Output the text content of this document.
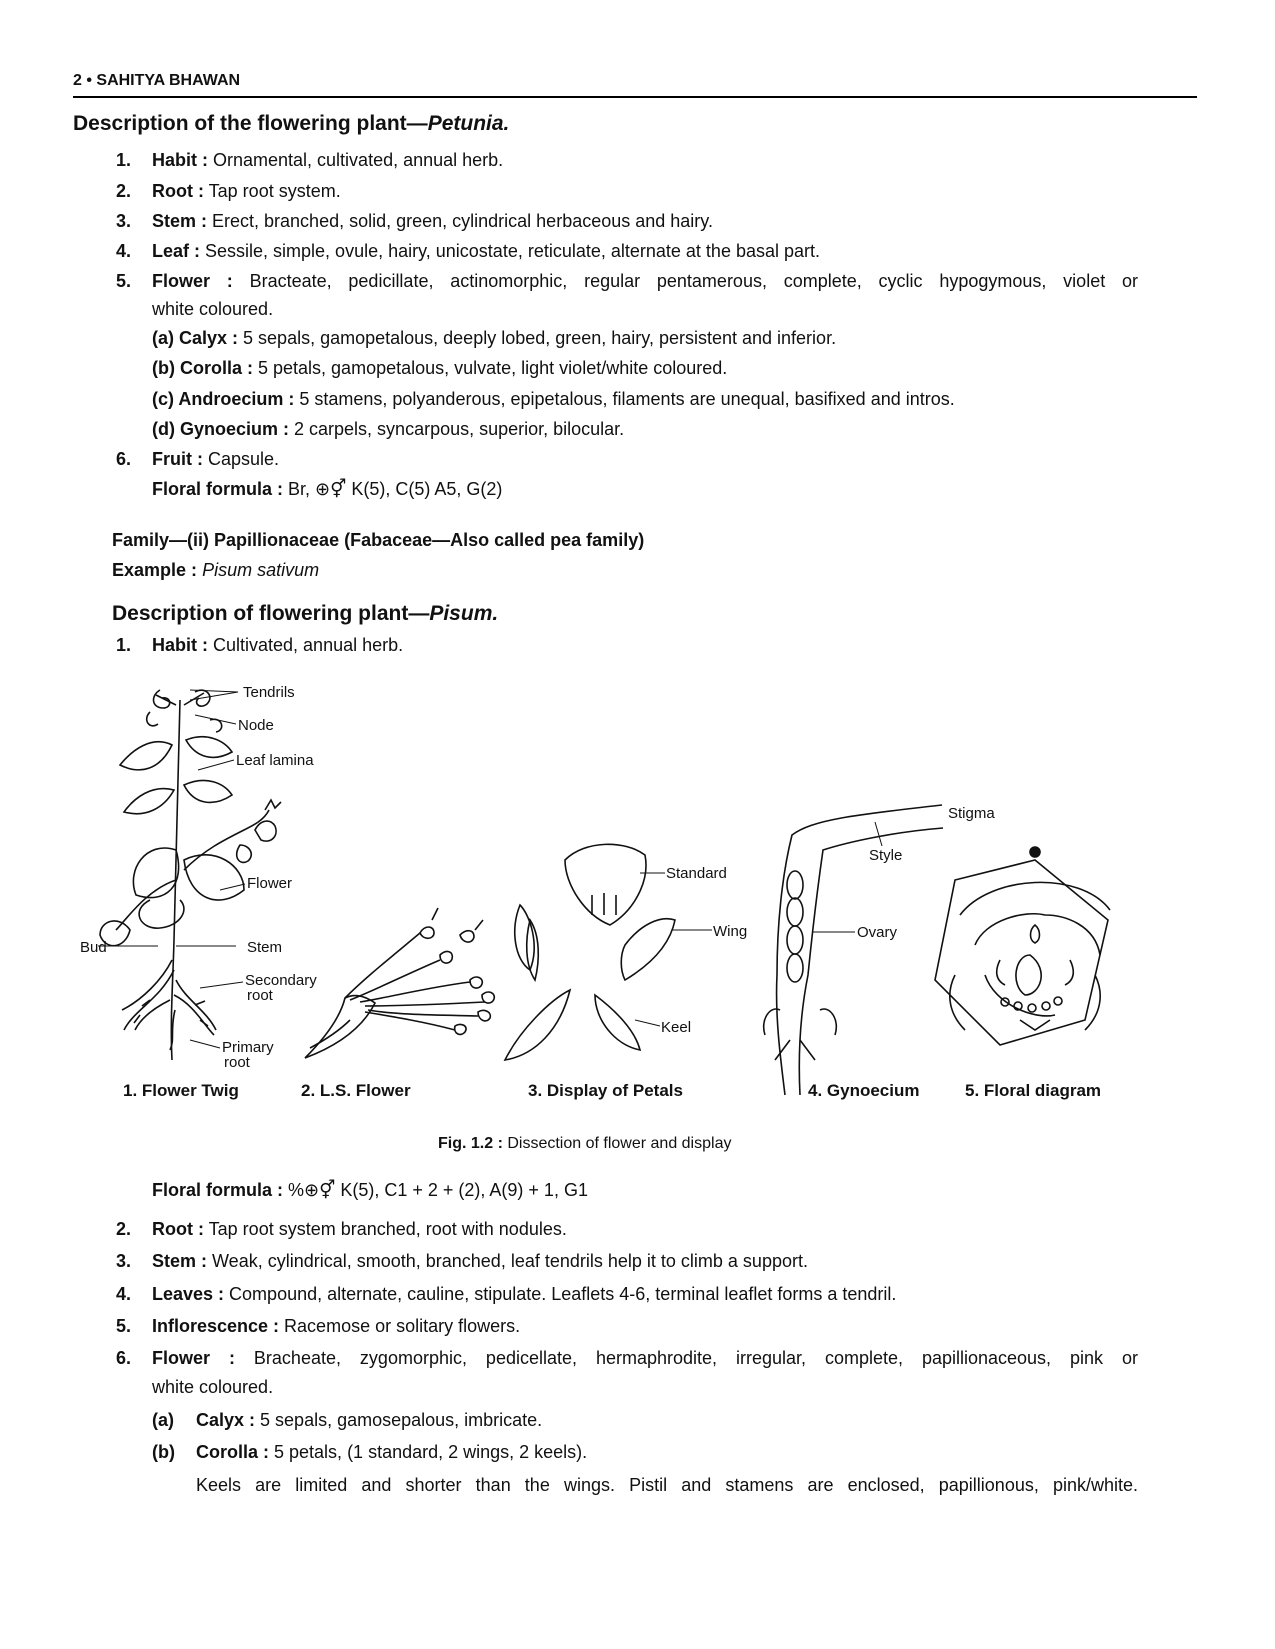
2 • SAHITYA BHAWAN
Description of the flowering plant—Petunia.
1. Habit : Ornamental, cultivated, annual herb.
2. Root : Tap root system.
3. Stem : Erect, branched, solid, green, cylindrical herbaceous and hairy.
4. Leaf : Sessile, simple, ovule, hairy, unicostate, reticulate, alternate at the basal part.
5. Flower : Bracteate, pedicillate, actinomorphic, regular pentamerous, complete, cyclic hypogymous, violet or
white coloured.
(a) Calyx : 5 sepals, gamopetalous, deeply lobed, green, hairy, persistent and inferior.
(b) Corolla : 5 petals, gamopetalous, vulvate, light violet/white coloured.
(c) Androecium : 5 stamens, polyanderous, epipetalous, filaments are unequal, basifixed and intros.
(d) Gynoecium : 2 carpels, syncarpous, superior, bilocular.
6. Fruit : Capsule.
Floral formula : Br, ⊕⚥ K(5), C(5) A5, G(2)
Family—(ii) Papillionaceae (Fabaceae—Also called pea family)
Example : Pisum sativum
Description of flowering plant—Pisum.
1. Habit : Cultivated, annual herb.
Tendrils
Node
Leaf lamina
Flower
Bud	Stem
Secondary
root
Primary
root
Standard
Wing
Keel
Stigma
Style
Ovary
1. Flower Twig	2. L.S. Flower	3. Display of Petals	4. Gynoecium	5. Floral diagram
Fig. 1.2 : Dissection of flower and display
Floral formula : %⊕⚥ K(5), C1 + 2 + (2), A(9) + 1, G1
2. Root : Tap root system branched, root with nodules.
3. Stem : Weak, cylindrical, smooth, branched, leaf tendrils help it to climb a support.
4. Leaves : Compound, alternate, cauline, stipulate. Leaflets 4-6, terminal leaflet forms a tendril.
5. Inflorescence : Racemose or solitary flowers.
6. Flower : Bracheate, zygomorphic, pedicellate, hermaphrodite, irregular, complete, papillionaceous, pink or
white coloured.
(a) Calyx : 5 sepals, gamosepalous, imbricate.
(b) Corolla : 5 petals, (1 standard, 2 wings, 2 keels).
Keels are limited and shorter than the wings. Pistil and stamens are enclosed, papillionous, pink/white.
